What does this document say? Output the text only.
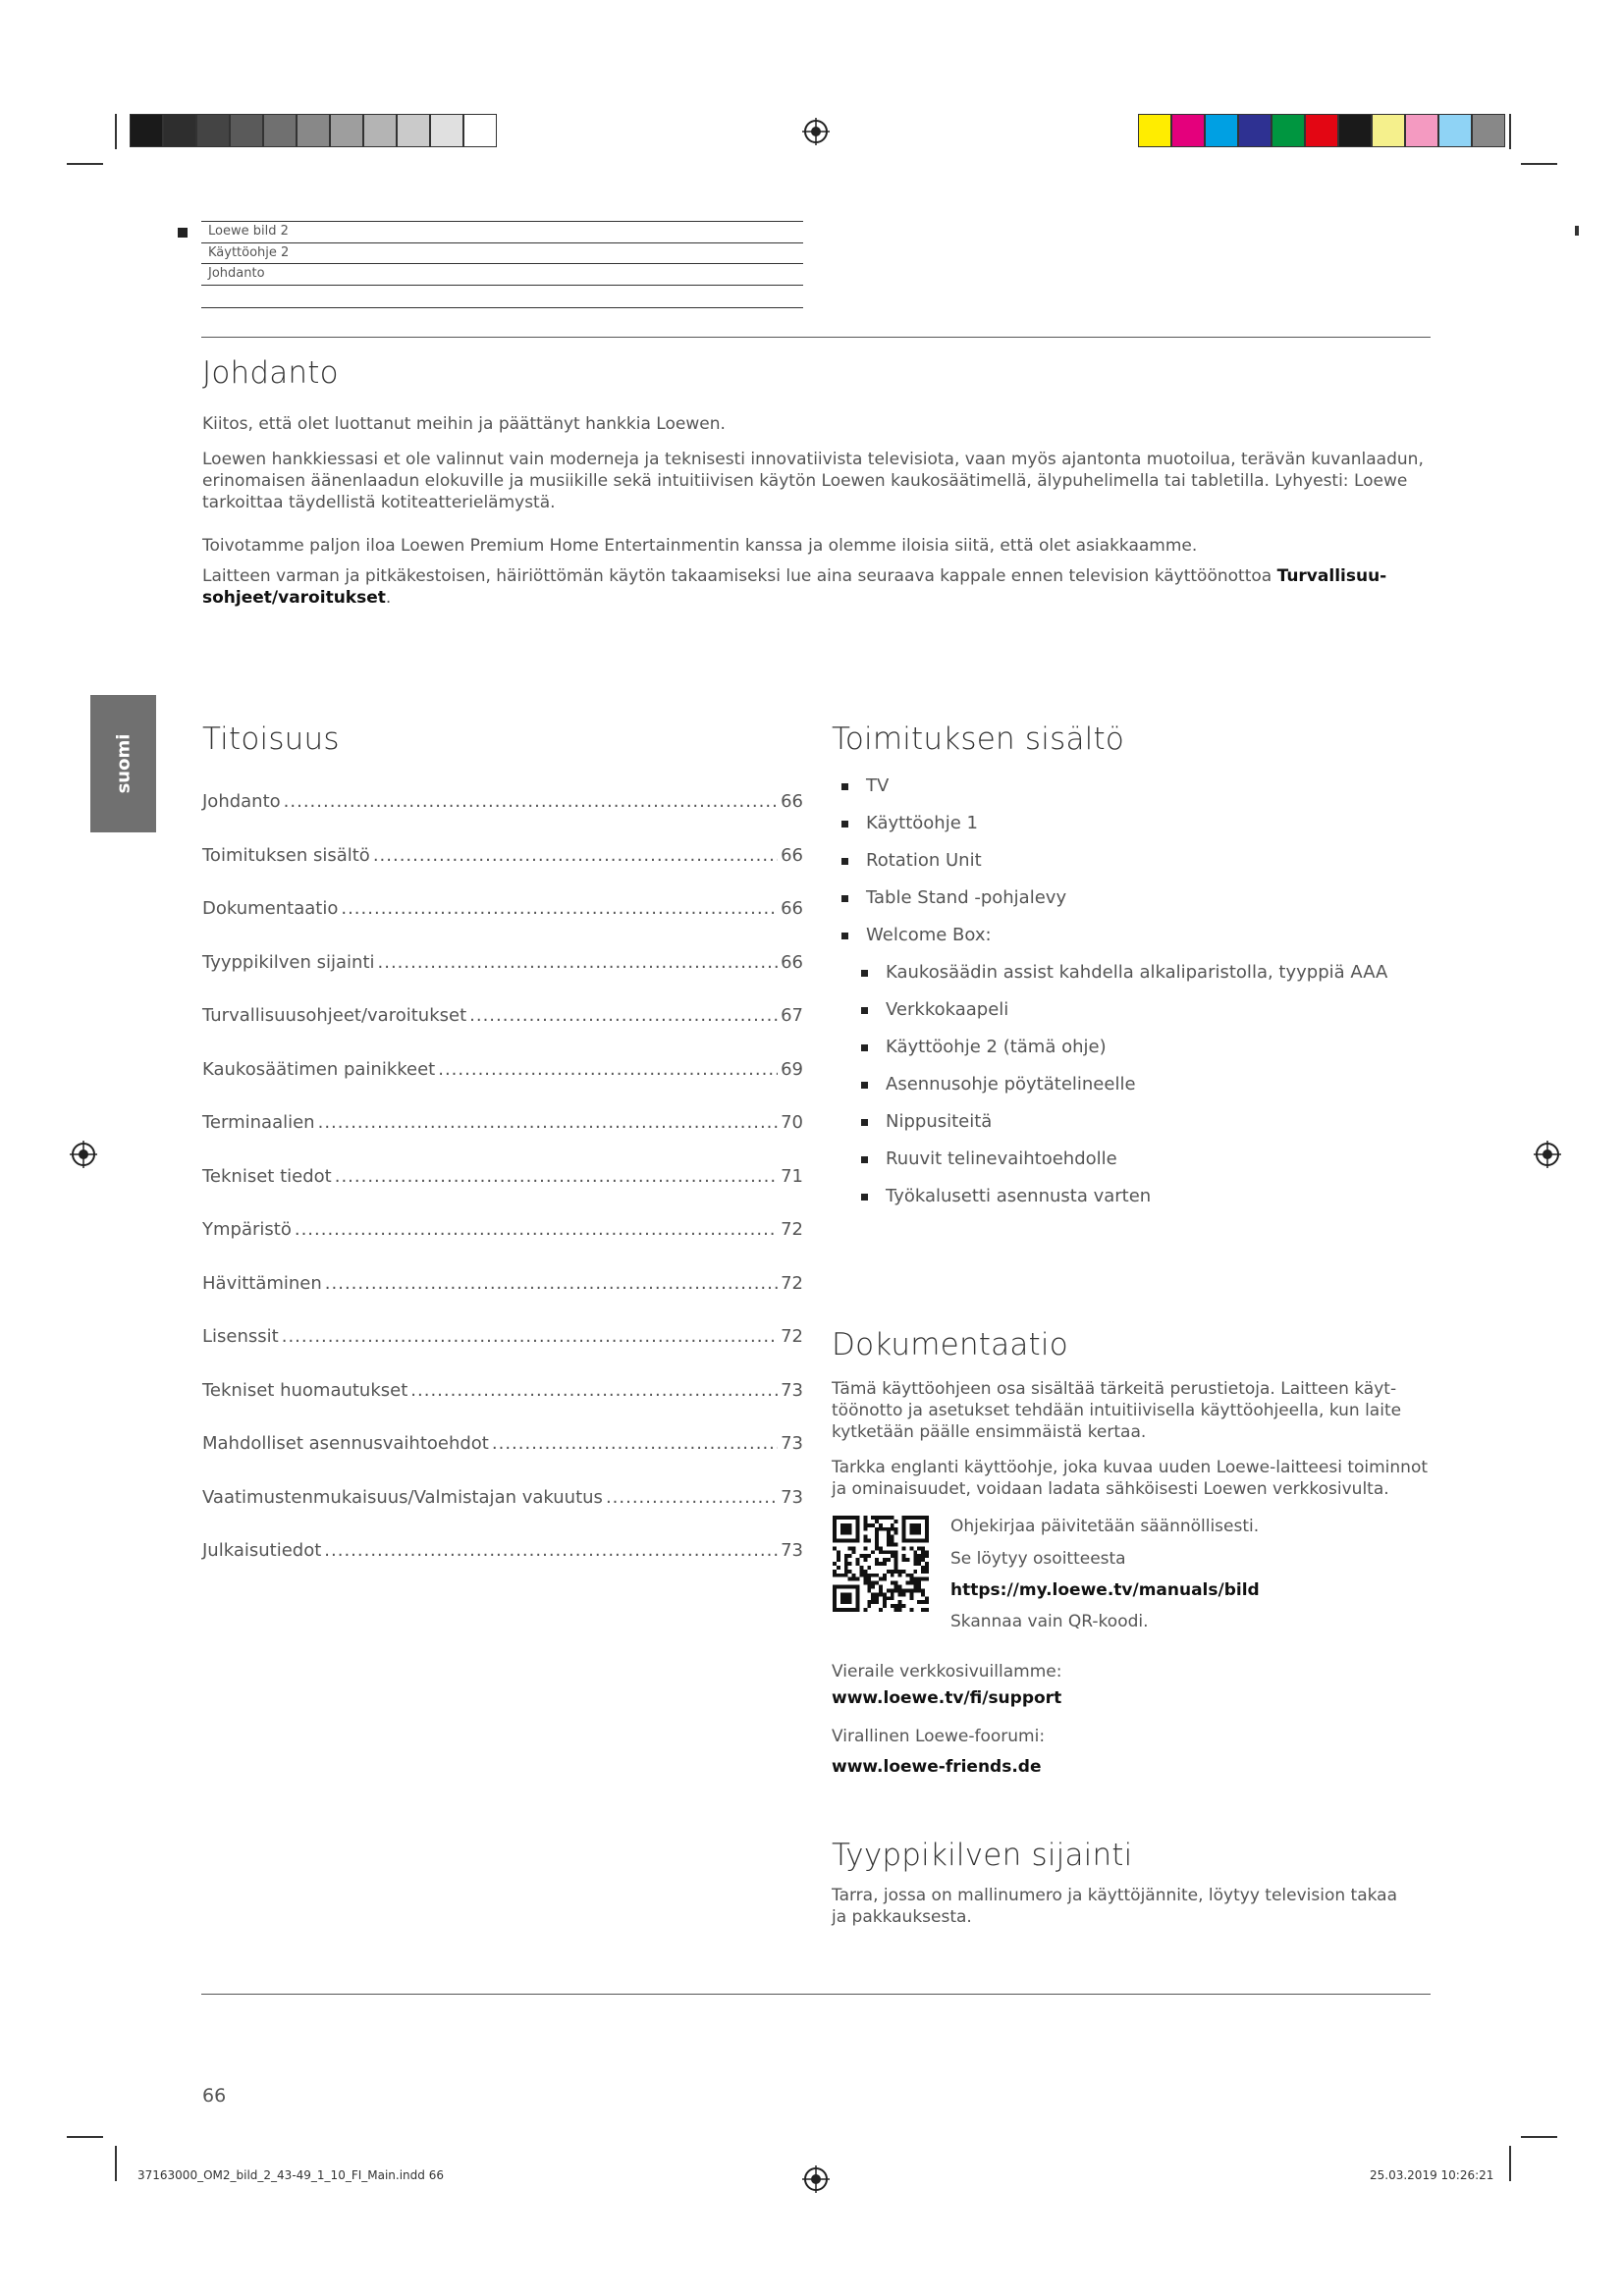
Loewe bild 2
Käyttöohje 2
Johdanto
Johdanto

Kiitos, että olet luottanut meihin ja päättänyt hankkia Loewen.

Loewen hankkiessasi et ole valinnut vain moderneja ja teknisesti innovatiivista televisiota, vaan myös ajantonta muotoilua, terävän kuvanlaadun,
erinomaisen äänenlaadun elokuville ja musiikille sekä intuitiivisen käytön Loewen kaukosäätimellä, älypuhelimella tai tabletilla. Lyhyesti: Loewe
tarkoittaa täydellistä kotiteatterielämystä.

Toivotamme paljon iloa Loewen Premium Home Entertainmentin kanssa ja olemme iloisia siitä, että olet asiakkaamme.

Laitteen varman ja pitkäkestoisen, häiriöttömän käytön takaamiseksi lue aina seuraava kappale ennen television käyttöönottoa Turvallisuu-
sohjeet/varoitukset.

suomi Titoisuus
Johdanto .....	66
Toimituksen sisältö .....	66
Dokumentaatio .....	66
Tyyppikilven sijainti .....	66
Turvallisuusohjeet/varoitukset .....	67
Kaukosäätimen painikkeet .....	69
Terminaalien .....	70
Tekniset tiedot .....	71
Ympäristö .....	72
Hävittäminen .....	72
Lisenssit .....	72
Tekniset huomautukset .....	73
Mahdolliset asennusvaihtoehdot .....	73
Vaatimustenmukaisuus/Valmistajan vakuutus .....	73
Julkaisutiedot .....	73
Toimituksen sisältö
TV
Käyttöohje 1
Rotation Unit
Table Stand -pohjalevy
Welcome Box:
Kaukosäädin assist kahdella alkaliparistolla, tyyppiä AAA
Verkkokaapeli
Käyttöohje 2 (tämä ohje)
Asennusohje pöytätelineelle
Nippusiteitä
Ruuvit telinevaihtoehdolle
Työkalusetti asennusta varten
Dokumentaatio

Tämä käyttöohjeen osa sisältää tärkeitä perustietoja. Laitteen käyt-
töönotto ja asetukset tehdään intuitiivisella käyttöohjeella, kun laite
kytketään päälle ensimmäistä kertaa.

Tarkka englanti käyttöohje, joka kuvaa uuden Loewe-laitteesi toiminnot
ja ominaisuudet, voidaan ladata sähköisesti Loewen verkkosivulta.

Ohjekirjaa päivitetään säännöllisesti.

Se löytyy osoitteesta

https://my.loewe.tv/manuals/bild

Skannaa vain QR-koodi.

Vieraile verkkosivuillamme:

www.loewe.tv/fi/support

Virallinen Loewe-foorumi:

www.loewe-friends.de

Tyyppikilven sijainti

Tarra, jossa on mallinumero ja käyttöjännite, löytyy television takaa
ja pakkauksesta.

66
37163000_OM2_bild_2_43-49_1_10_FI_Main.indd 66	25.03.2019 10:26:21
